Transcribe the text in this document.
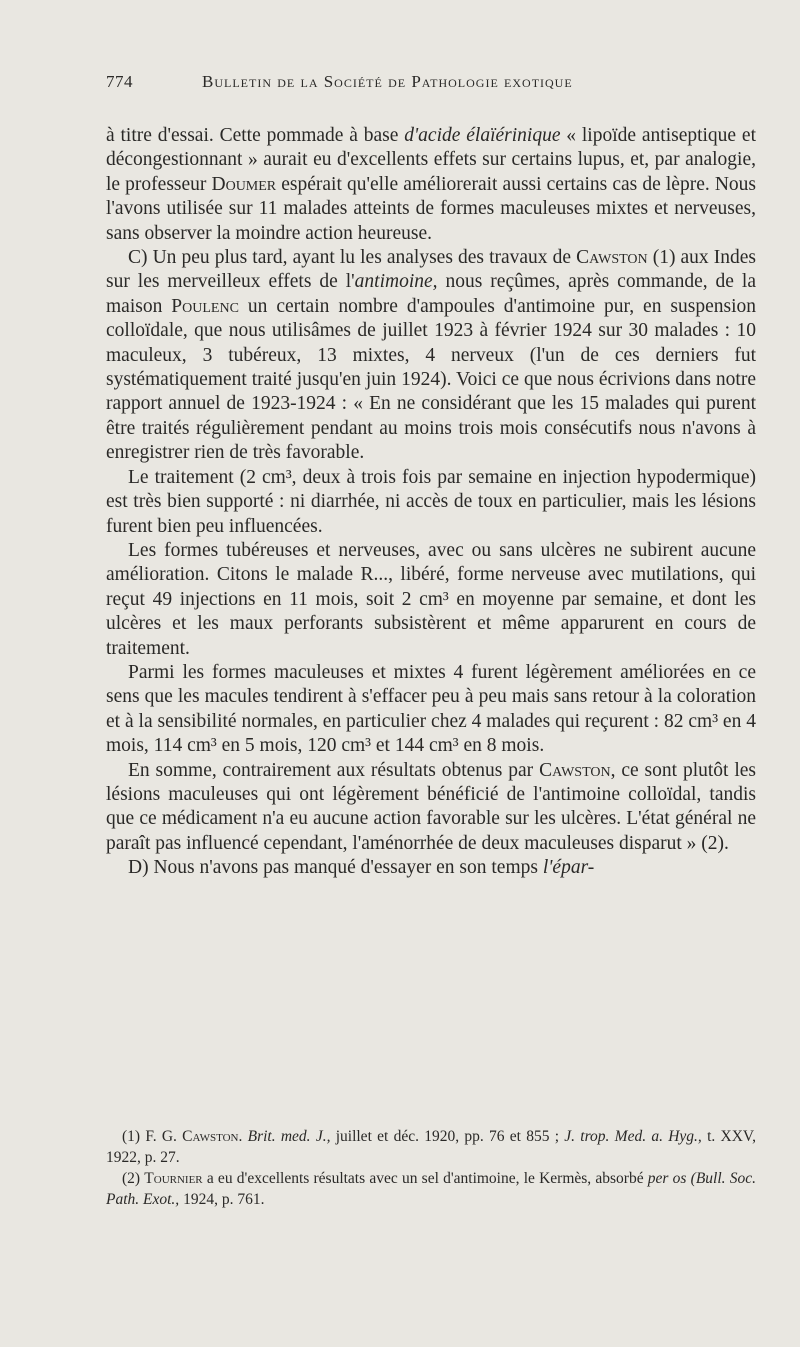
774	Bulletin de la Société de Pathologie exotique

à titre d'essai. Cette pommade à base d'acide élaïérinique « lipoïde antiseptique et décongestionnant » aurait eu d'excellents effets sur certains lupus, et, par analogie, le professeur Doumer espérait qu'elle améliorerait aussi certains cas de lèpre. Nous l'avons utilisée sur 11 malades atteints de formes maculeuses mixtes et nerveuses, sans observer la moindre action heureuse.

C) Un peu plus tard, ayant lu les analyses des travaux de Cawston (1) aux Indes sur les merveilleux effets de l'antimoine, nous reçûmes, après commande, de la maison Poulenc un certain nombre d'ampoules d'antimoine pur, en suspension colloïdale, que nous utilisâmes de juillet 1923 à février 1924 sur 30 malades : 10 maculeux, 3 tubéreux, 13 mixtes, 4 nerveux (l'un de ces derniers fut systématiquement traité jusqu'en juin 1924). Voici ce que nous écrivions dans notre rapport annuel de 1923-1924 : « En ne considérant que les 15 malades qui purent être traités régulièrement pendant au moins trois mois consécutifs nous n'avons à enregistrer rien de très favorable.

Le traitement (2 cm³, deux à trois fois par semaine en injection hypodermique) est très bien supporté : ni diarrhée, ni accès de toux en particulier, mais les lésions furent bien peu influencées.

Les formes tubéreuses et nerveuses, avec ou sans ulcères ne subirent aucune amélioration. Citons le malade R..., libéré, forme nerveuse avec mutilations, qui reçut 49 injections en 11 mois, soit 2 cm³ en moyenne par semaine, et dont les ulcères et les maux perforants subsistèrent et même apparurent en cours de traitement.

Parmi les formes maculeuses et mixtes 4 furent légèrement améliorées en ce sens que les macules tendirent à s'effacer peu à peu mais sans retour à la coloration et à la sensibilité normales, en particulier chez 4 malades qui reçurent : 82 cm³ en 4 mois, 114 cm³ en 5 mois, 120 cm³ et 144 cm³ en 8 mois.

En somme, contrairement aux résultats obtenus par Cawston, ce sont plutôt les lésions maculeuses qui ont légèrement bénéficié de l'antimoine colloïdal, tandis que ce médicament n'a eu aucune action favorable sur les ulcères. L'état général ne paraît pas influencé cependant, l'aménorrhée de deux maculeuses disparut » (2).

D) Nous n'avons pas manqué d'essayer en son temps l'épar-

(1) F. G. Cawston. Brit. med. J., juillet et déc. 1920, pp. 76 et 855 ; J. trop. Med. a. Hyg., t. XXV, 1922, p. 27.

(2) Tournier a eu d'excellents résultats avec un sel d'antimoine, le Kermès, absorbé per os (Bull. Soc. Path. Exot., 1924, p. 761.
